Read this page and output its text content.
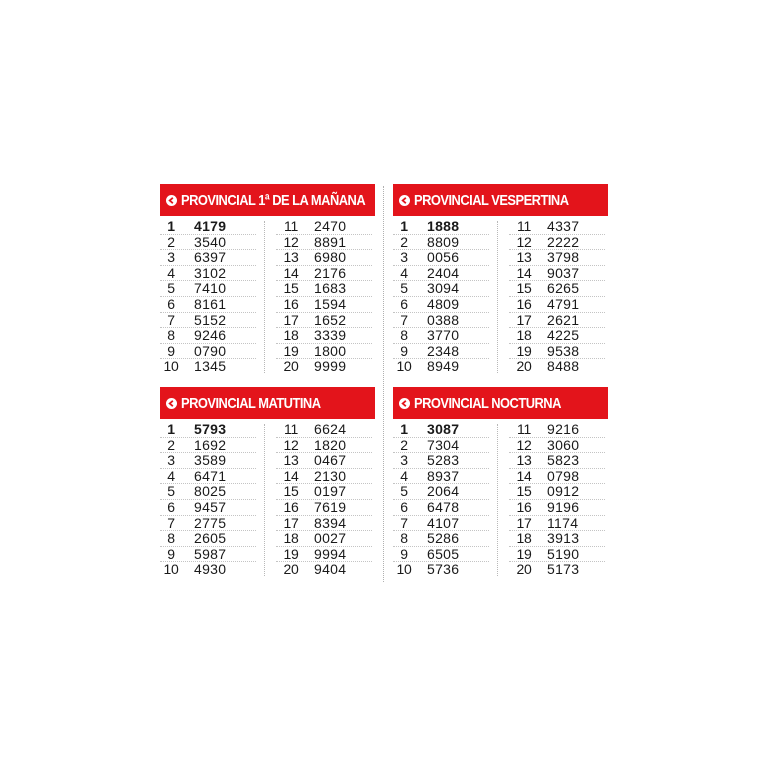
PROVINCIAL 1ª DE LA MAÑANA
1	4179
2	3540
3	6397
4	3102
5	7410
6	8161
7	5152
8	9246
9	0790
10	1345
11	2470
12	8891
13	6980
14	2176
15	1683
16	1594
17	1652
18	3339
19	1800
20	9999
PROVINCIAL VESPERTINA
1	1888
2	8809
3	0056
4	2404
5	3094
6	4809
7	0388
8	3770
9	2348
10	8949
11	4337
12	2222
13	3798
14	9037
15	6265
16	4791
17	2621
18	4225
19	9538
20	8488
PROVINCIAL MATUTINA
1	5793
2	1692
3	3589
4	6471
5	8025
6	9457
7	2775
8	2605
9	5987
10	4930
11	6624
12	1820
13	0467
14	2130
15	0197
16	7619
17	8394
18	0027
19	9994
20	9404
PROVINCIAL NOCTURNA
1	3087
2	7304
3	5283
4	8937
5	2064
6	6478
7	4107
8	5286
9	6505
10	5736
11	9216
12	3060
13	5823
14	0798
15	0912
16	9196
17	1174
18	3913
19	5190
20	5173
